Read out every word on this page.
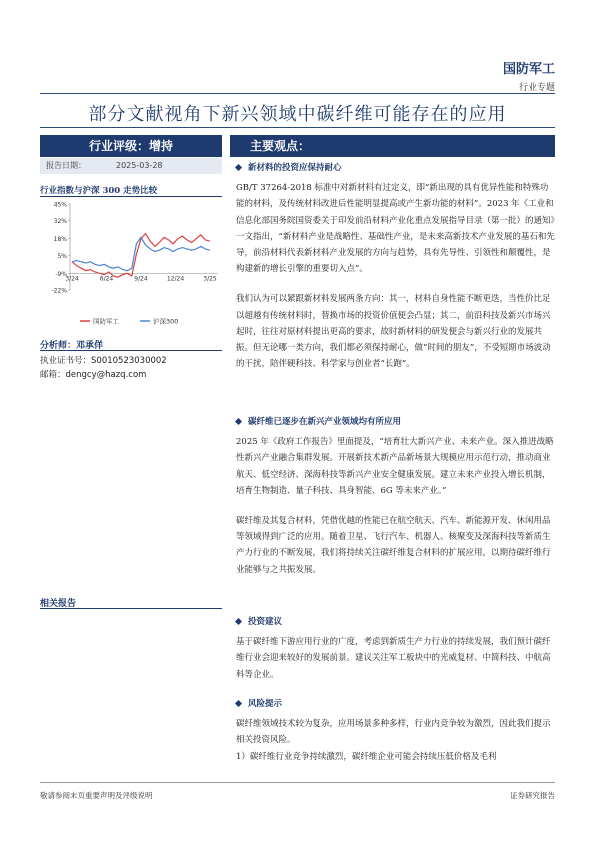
国防军工
行业专题
部分文献视角下新兴领域中碳纤维可能存在的应用
行业评级：增持
报告日期：	2025-03-28
行业指数与沪深 300 走势比较
45%
32%
18%
5%
-9%
-22%
3/24	6/24	9/24	12/24	3/25
国防军工	沪深300
分析师：邓承佯
执业证书号：S0010523030002
邮箱：dengcy@hazq.com
相关报告
主要观点：
新材料的投资应保持耐心

GB/T 37264-2018 标准中对新材料有过定义，即“新出现的具有优异性能和特殊功能的材料，及传统材料改进后性能明显提高或产生新功能的材料”。2023 年《工业和信息化部国务院国资委关于印发前沿材料产业化重点发展指导目录（第一批）的通知》一文指出，“新材料产业是战略性、基础性产业，是未来高新技术产业发展的基石和先导，前沿材料代表新材料产业发展的方向与趋势，具有先导性、引领性和颠覆性，是构建新的增长引擎的重要切入点”。

我们认为可以紧跟新材料发展两条方向：其一，材料自身性能不断更迭，当性价比足以超越有传统材料时，替换市场的投资价值便会凸显；其二，前沿科技及新兴市场兴起时，往往对原材料提出更高的要求，故时新材料的研发便会与新兴行业的发展共振。但无论哪一类方向，我们都必须保持耐心，做“时间的朋友”，不受短期市场波动的干扰，陪伴硬科技、科学家与创业者“长跑”。

碳纤维已逐步在新兴产业领域均有所应用

2025 年《政府工作报告》里面提及，“培育壮大新兴产业、未来产业。深入推进战略性新兴产业融合集群发展。开展新技术新产品新场景大规模应用示范行动，推动商业航天、低空经济、深海科技等新兴产业安全健康发展。建立未来产业投入增长机制，培育生物制造、量子科技、具身智能、6G 等未来产业。”

碳纤维及其复合材料，凭借优越的性能已在航空航天、汽车、新能源开发、休闲用品等领域得到广泛的应用。随着卫星、飞行汽车、机器人、核聚变及深海科技等新质生产力行业的不断发展，我们将持续关注碳纤维复合材料的扩展应用，以期待碳纤维行业能够与之共振发展。

投资建议

基于碳纤维下游应用行业的广度，考虑到新质生产力行业的持续发展，我们预计碳纤维行业会迎来较好的发展前景。建议关注军工板块中的光威复材、中简科技、中航高科等企业。

风险提示

碳纤维领域技术较为复杂，应用场景多种多样，行业内竞争较为激烈，因此我们提示相关投资风险。

1）碳纤维行业竞争持续激烈，碳纤维企业可能会持续压低价格及毛利

敬请参阅末页重要声明及评级说明	证券研究报告
